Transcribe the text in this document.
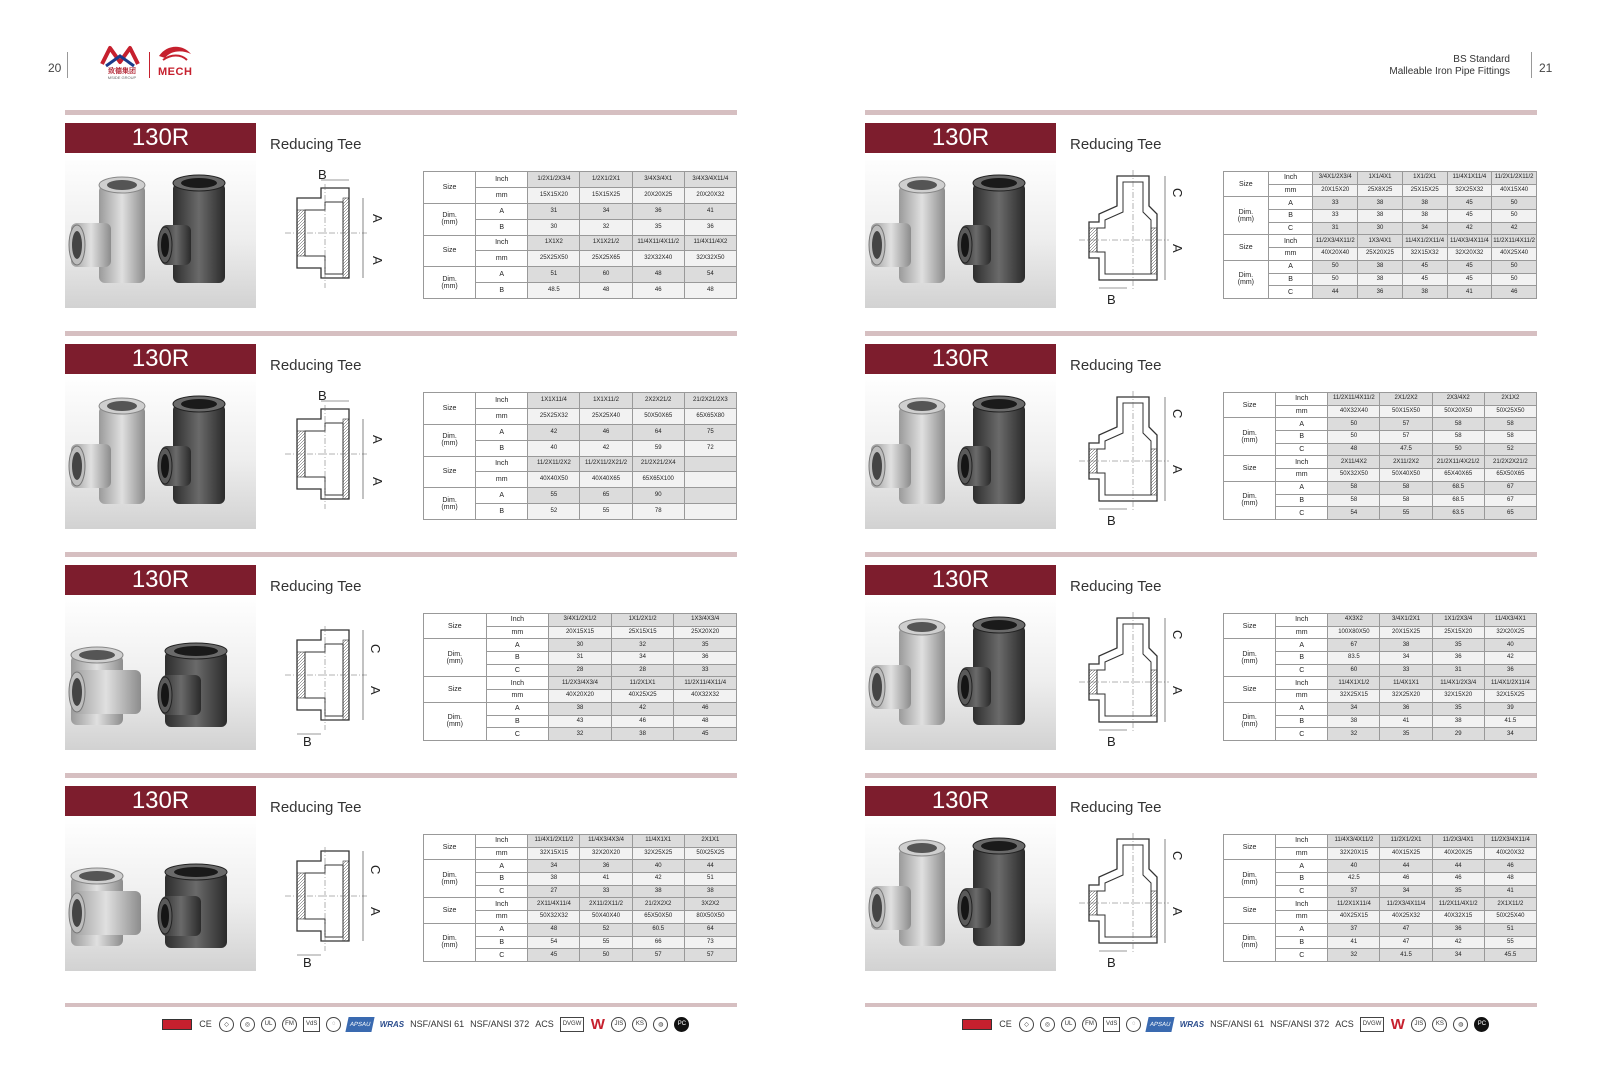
20	致德集团
MSIDE GROUP	MECH
BS Standard
Malleable Iron Pipe Fittings 21
130R	Reducing Tee
B
A
A
Size	Inch	1/2X1/2X3/4	1/2X1/2X1	3/4X3/4X1	3/4X3/4X11/4
	mm	15X15X20	15X15X25	20X20X25	20X20X32

Dim.
(mm)	A	31	34	36	41
	B	30	32	35	36
Size	Inch	1X1X2	1X1X21/2	11/4X11/4X11/2	11/4X11/4X2
	mm	25X25X50	25X25X65	32X32X40	32X32X50

Dim.
(mm)	A	51	60	48	54
	B	48.5	48	46	48
130R	Reducing Tee
B
A
A
Size	Inch	1X1X11/4	1X1X11/2	2X2X21/2	21/2X21/2X3
	mm	25X25X32	25X25X40	50X50X65	65X65X80

Dim.
(mm)	A	42	46	64	75
	B	40	42	59	72
Size	Inch	11/2X11/2X2	11/2X11/2X21/2	21/2X21/2X4	
	mm	40X40X50	40X40X65	65X65X100	

Dim.
(mm)	A	55	65	90	
	B	52	55	78	
130R	Reducing Tee
B
C
A
Size	Inch	3/4X1/2X1/2	1X1/2X1/2	1X3/4X3/4
	mm	20X15X15	25X15X15	25X20X20

Dim.
(mm)	A	30	32	35
	B	31	34	36
	C	28	28	33
Size	Inch	11/2X3/4X3/4	11/2X1X1	11/2X11/4X11/4
	mm	40X20X20	40X25X25	40X32X32

Dim.
(mm)	A	38	42	46
	B	43	46	48
	C	32	38	45
130R	Reducing Tee
B
C
A
Size	Inch	11/4X1/2X11/2	11/4X3/4X3/4	11/4X1X1	2X1X1
	mm	32X15X15	32X20X20	32X25X25	50X25X25

Dim.
(mm)	A	34	36	40	44
	B	38	41	42	51
	C	27	33	38	38
Size	Inch	2X11/4X11/4	2X11/2X11/2	21/2X2X2	3X2X2
	mm	50X32X32	50X40X40	65X50X50	80X50X50

Dim.
(mm)	A	48	52	60.5	64
	B	54	55	66	73
	C	45	50	57	57
130R	Reducing Tee
B
C
A
Size	Inch	3/4X1/2X3/4	1X1/4X1	1X1/2X1	11/4X1X11/4	11/2X1/2X11/2
	mm	20X15X20	25X8X25	25X15X25	32X25X32	40X15X40

Dim.
(mm)	A	33	38	38	45	50
	B	33	38	38	45	50
	C	31	30	34	42	42
Size	Inch	11/2X3/4X11/2	1X3/4X1	11/4X1/2X11/4	11/4X3/4X11/4	11/2X11/4X11/2
	mm	40X20X40	25X20X25	32X15X32	32X20X32	40X25X40

Dim.
(mm)	A	50	38	45	45	50
	B	50	38	45	45	50
	C	44	36	38	41	46
130R	Reducing Tee
B
C
A
Size	Inch	11/2X11/4X11/2	2X1/2X2	2X3/4X2	2X1X2
	mm	40X32X40	50X15X50	50X20X50	50X25X50

Dim.
(mm)	A	50	57	58	58
	B	50	57	58	58
	C	48	47.5	50	52
Size	Inch	2X11/4X2	2X11/2X2	21/2X11/4X21/2	21/2X2X21/2
	mm	50X32X50	50X40X50	65X40X65	65X50X65

Dim.
(mm)	A	58	58	68.5	67
	B	58	58	68.5	67
	C	54	55	63.5	65
130R	Reducing Tee
B
C
A
Size	Inch	4X3X2	3/4X1/2X1	1X1/2X3/4	11/4X3/4X1
	mm	100X80X50	20X15X25	25X15X20	32X20X25

Dim.
(mm)	A	67	38	35	40
	B	83.5	34	36	42
	C	60	33	31	36
Size	Inch	11/4X1X1/2	11/4X1X1	11/4X1/2X3/4	11/4X1/2X11/4
	mm	32X25X15	32X25X20	32X15X20	32X15X25

Dim.
(mm)	A	34	36	35	39
	B	38	41	38	41.5
	C	32	35	29	34
130R	Reducing Tee
B
C
A
Size	Inch	11/4X3/4X11/2	11/2X1/2X1	11/2X3/4X1	11/2X3/4X11/4
	mm	32X20X15	40X15X25	40X20X25	40X20X32

Dim.
(mm)	A	40	44	44	46
	B	42.5	46	46	48
	C	37	34	35	41
Size	Inch	11/2X1X11/4	11/2X3/4X11/4	11/2X11/4X1/2	2X1X11/2
	mm	40X25X15	40X25X32	40X32X15	50X25X40

Dim.
(mm)	A	37	47	36	51
	B	41	47	42	55
	C	32	41.5	34	45.5
CE	◇	◎	UL	FM	VdS	◌	APSAU	WRAS NSF/ANSI 61 NSF/ANSI 372 ACS	DVGW W	JIS	KS	◍	PC	CE	◇	◎	UL	FM	VdS	◌	APSAU	WRAS NSF/ANSI 61 NSF/ANSI 372 ACS	DVGW W	JIS	KS	◍	PC
